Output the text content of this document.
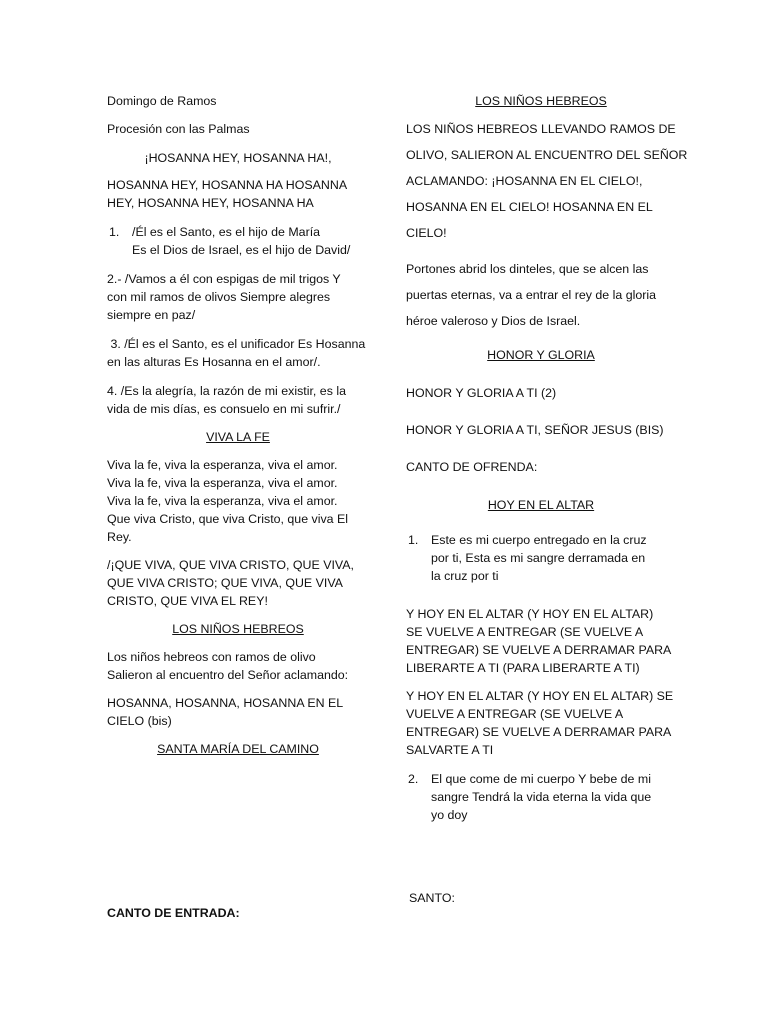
Domingo de Ramos

Procesión con las Palmas

¡HOSANNA HEY, HOSANNA HA!,

HOSANNA HEY, HOSANNA HA HOSANNA

HEY, HOSANNA HEY, HOSANNA HA

1. /Él es el Santo, es el hijo de María

Es el Dios de Israel, es el hijo de David/

2.- /Vamos a él con espigas de mil trigos Y

con mil ramos de olivos Siempre alegres

siempre en paz/

3. /Él es el Santo, es el unificador Es Hosanna

en las alturas Es Hosanna en el amor/.

4. /Es la alegría, la razón de mi existir, es la

vida de mis días, es consuelo en mi sufrir./

VIVA LA FE

Viva la fe, viva la esperanza, viva el amor.

Viva la fe, viva la esperanza, viva el amor.

Viva la fe, viva la esperanza, viva el amor.

Que viva Cristo, que viva Cristo, que viva El

Rey.

/¡QUE VIVA, QUE VIVA CRISTO, QUE VIVA,

QUE VIVA CRISTO; QUE VIVA, QUE VIVA

CRISTO, QUE VIVA EL REY!

LOS NIÑOS HEBREOS

Los niños hebreos con ramos de olivo

Salieron al encuentro del Señor aclamando:

HOSANNA, HOSANNA, HOSANNA EN EL

CIELO (bis)

SANTA MARÍA DEL CAMINO

CANTO DE ENTRADA:

LOS NIÑOS HEBREOS

LOS NIÑOS HEBREOS LLEVANDO RAMOS DE

OLIVO, SALIERON AL ENCUENTRO DEL SEÑOR

ACLAMANDO: ¡HOSANNA EN EL CIELO!,

HOSANNA EN EL CIELO! HOSANNA EN EL

CIELO!

Portones abrid los dinteles, que se alcen las

puertas eternas, va a entrar el rey de la gloria

héroe valeroso y Dios de Israel.

HONOR Y GLORIA

HONOR Y GLORIA A TI (2)

HONOR Y GLORIA A TI, SEÑOR JESUS (BIS)

CANTO DE OFRENDA:

HOY EN EL ALTAR

1. Este es mi cuerpo entregado en la cruz

por ti, Esta es mi sangre derramada en

la cruz por ti

Y HOY EN EL ALTAR (Y HOY EN EL ALTAR)

SE VUELVE A ENTREGAR (SE VUELVE A

ENTREGAR) SE VUELVE A DERRAMAR PARA

LIBERARTE A TI (PARA LIBERARTE A TI)

Y HOY EN EL ALTAR (Y HOY EN EL ALTAR) SE

VUELVE A ENTREGAR (SE VUELVE A

ENTREGAR) SE VUELVE A DERRAMAR PARA

SALVARTE A TI

2. El que come de mi cuerpo Y bebe de mi

sangre Tendrá la vida eterna la vida que

yo doy

SANTO:
